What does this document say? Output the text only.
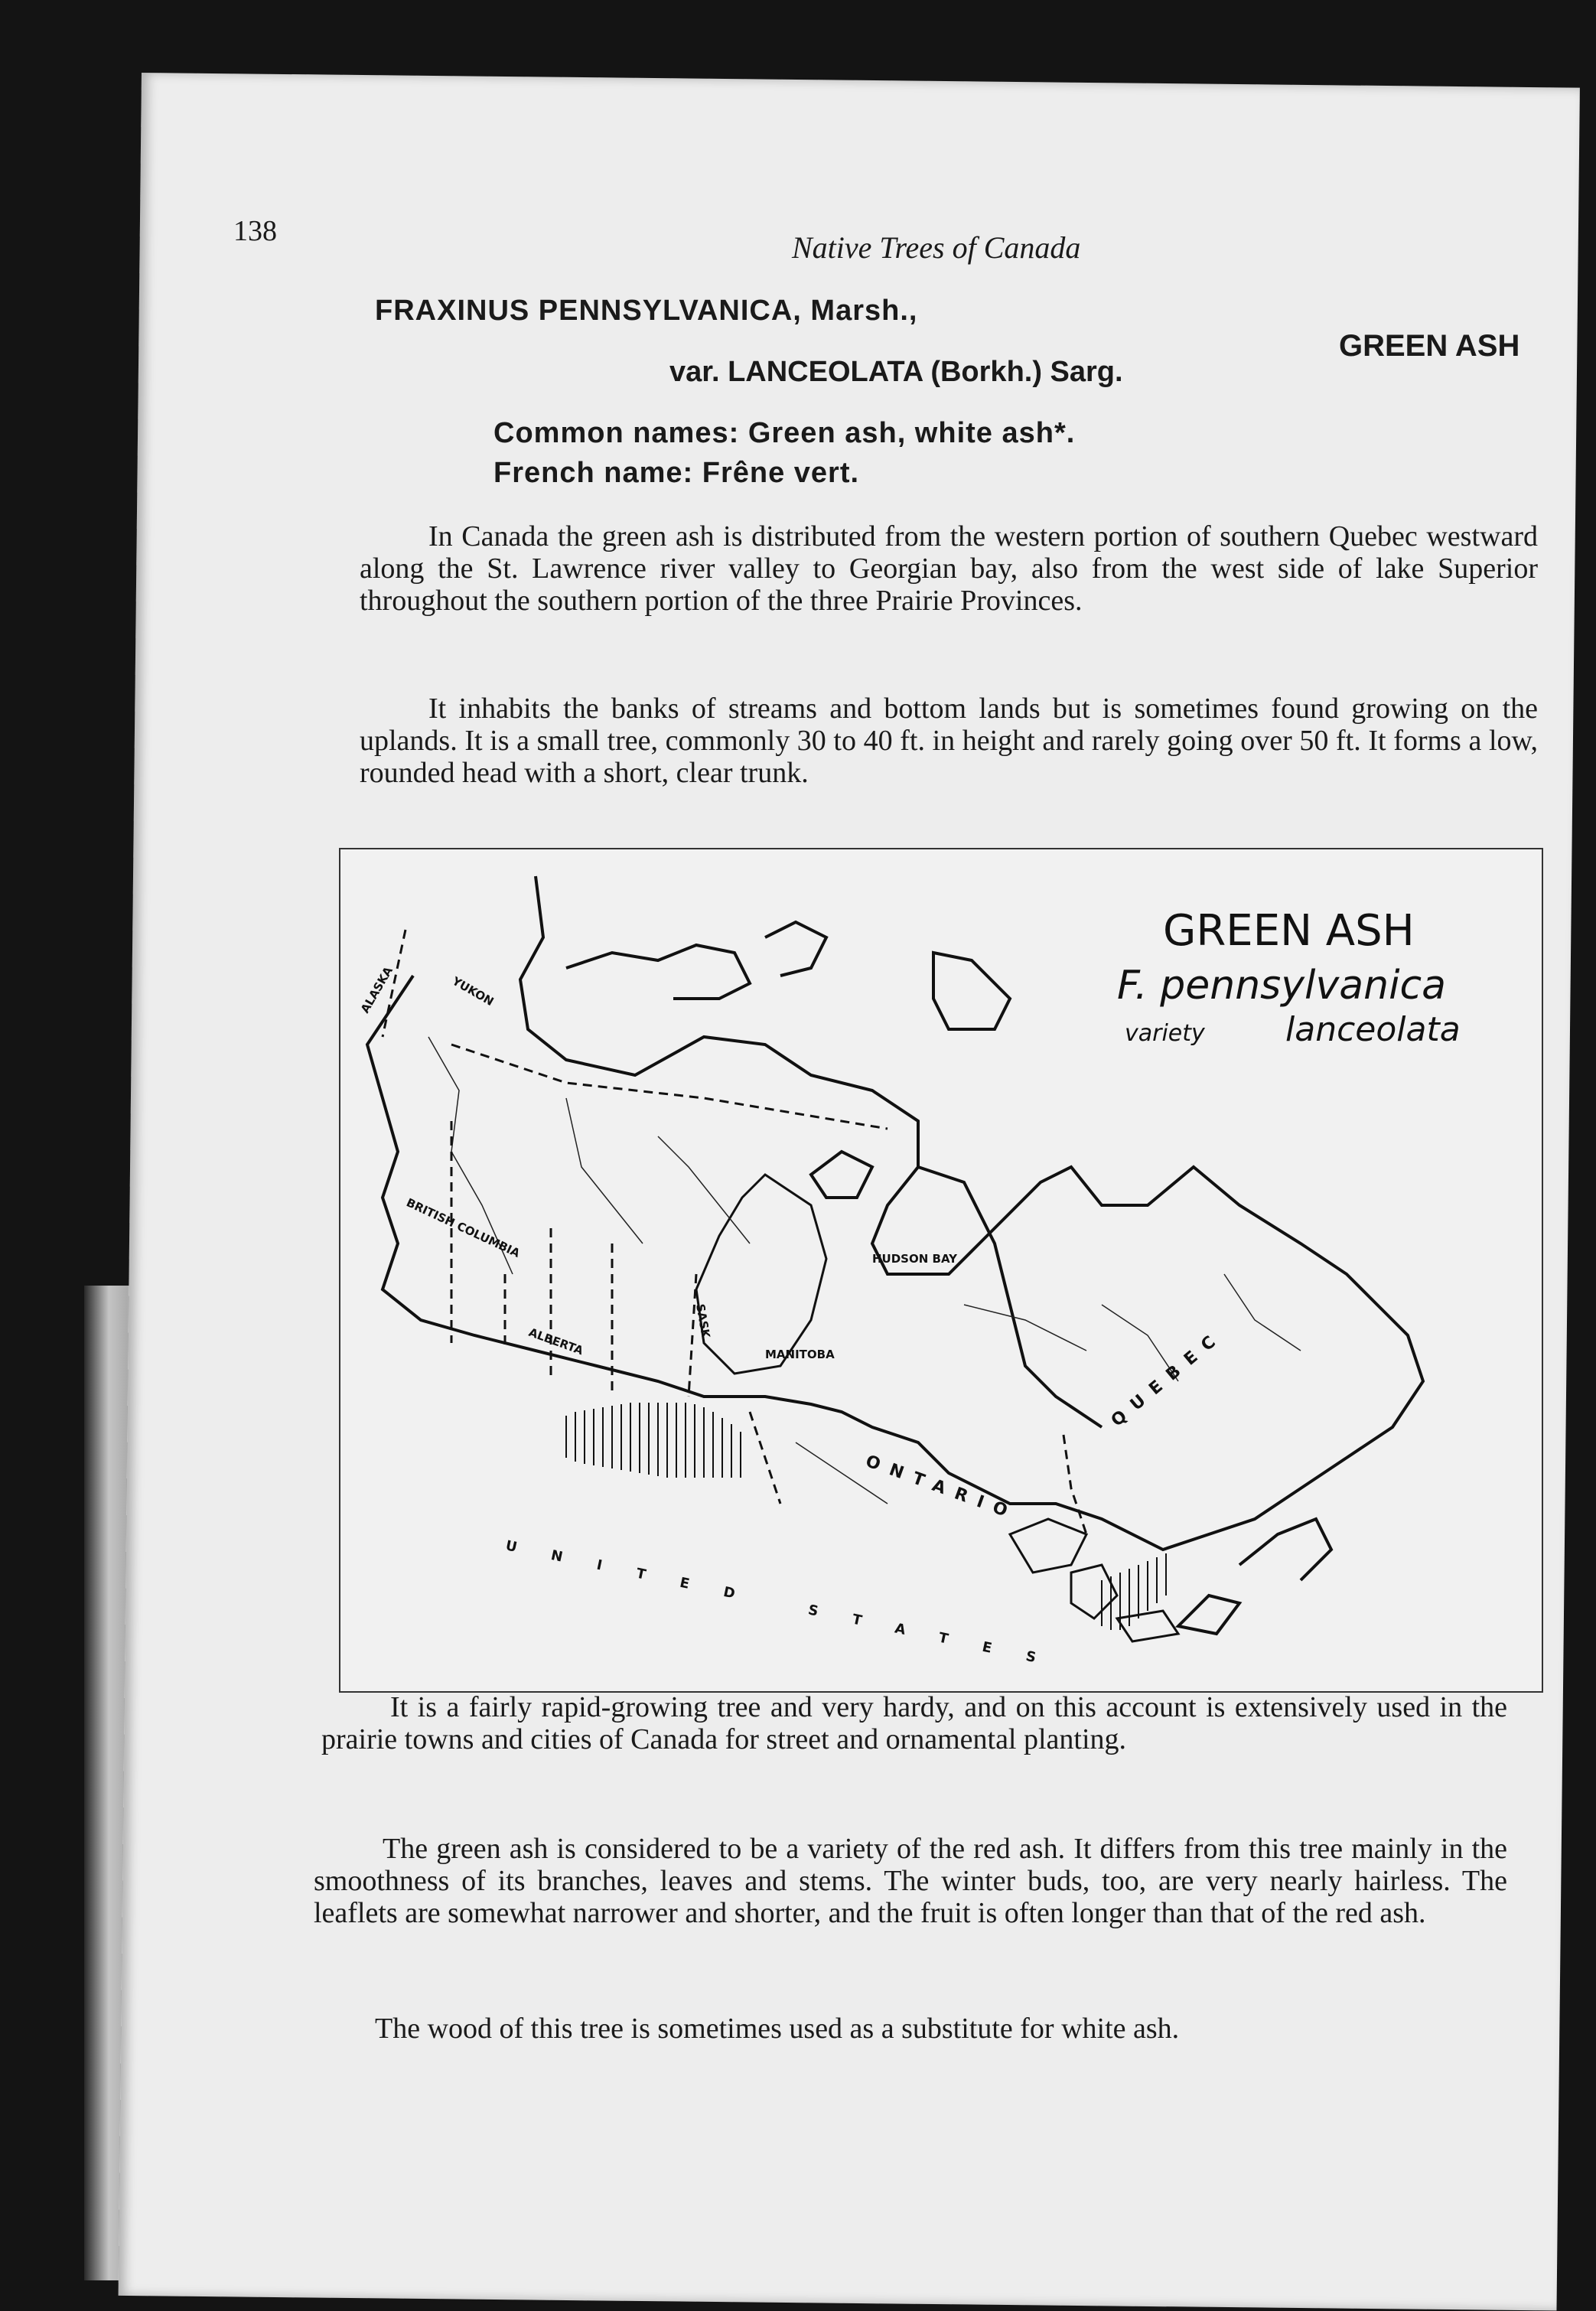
138	Native Trees of Canada
FRAXINUS PENNSYLVANICA, Marsh.,
var. LANCEOLATA (Borkh.) Sarg.
GREEN ASH
Common names: Green ash, white ash*.
French name: Frêne vert.

In Canada the green ash is distributed from the western portion of southern Quebec westward along the St. Lawrence river valley to Georgian bay, also from the west side of lake Superior throughout the southern portion of the three Prairie Provinces.

It inhabits the banks of streams and bottom lands but is sometimes found growing on the uplands. It is a small tree, commonly 30 to 40 ft. in height and rarely going over 50 ft. It forms a low, rounded head with a short, clear trunk.

GREEN ASH
F. pennsylvanica
variety lanceolata
YUKON
BRITISH COLUMBIA
ALBERTA	SASK.
MANITOBA
HUDSON BAY
ONTARIO
QUEBEC
UNITED STATES
ALASKA

It is a fairly rapid-growing tree and very hardy, and on this account is extensively used in the prairie towns and cities of Canada for street and ornamental planting.

The green ash is considered to be a variety of the red ash. It differs from this tree mainly in the smoothness of its branches, leaves and stems. The winter buds, too, are very nearly hairless. The leaflets are somewhat narrower and shorter, and the fruit is often longer than that of the red ash.

The wood of this tree is sometimes used as a substitute for white ash.
